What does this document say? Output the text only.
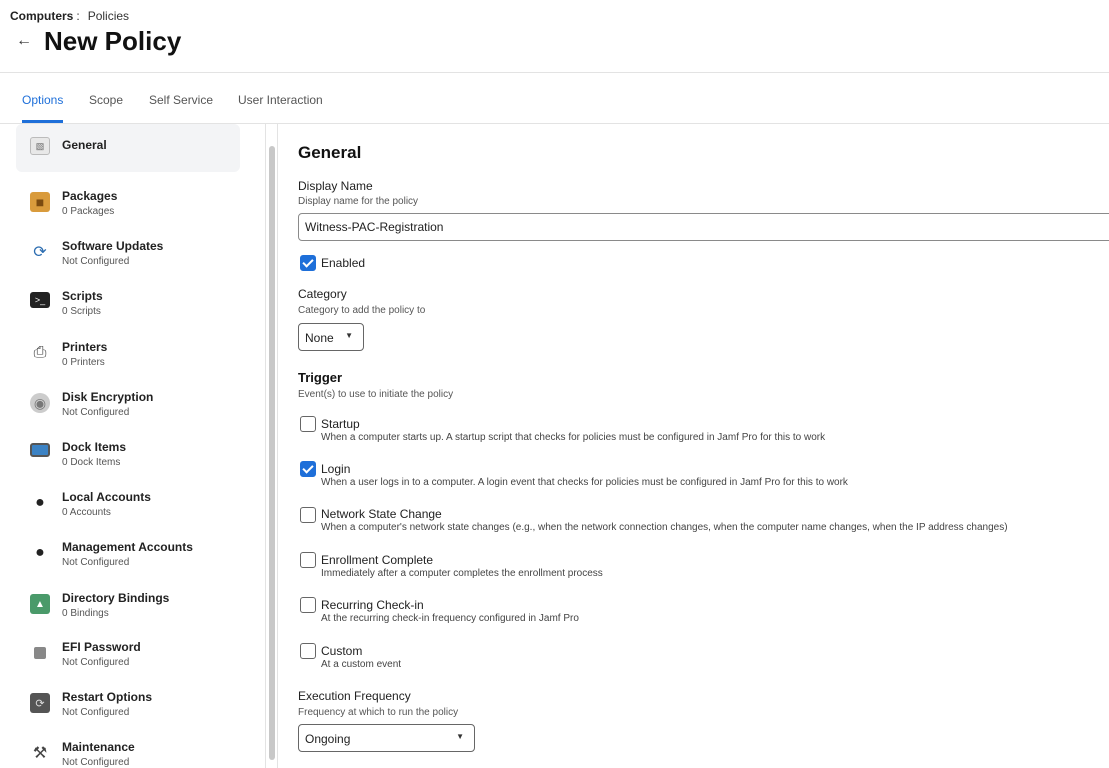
Computers : Policies
← New Policy
Options Scope Self Service User Interaction
▧	General
■	Packages
0 Packages
⟳ Software Updates
Not Configured
>_	Scripts
0 Scripts
⎙ Printers
0 Printers
◉	Disk Encryption
Not Configured
Dock Items
0 Dock Items
●	Local Accounts
0 Accounts
●	Management Accounts
Not Configured
▲	Directory Bindings
0 Bindings
EFI Password
Not Configured
⟳	Restart Options
Not Configured
⚒ Maintenance
Not Configured
General
Display Name
Display name for the policy
Witness-PAC-Registration
Enabled
Category
Category to add the policy to
None ▼
Trigger
Event(s) to use to initiate the policy
Startup
When a computer starts up. A startup script that checks for policies must be configured in Jamf Pro for this to work
Login
When a user logs in to a computer. A login event that checks for policies must be configured in Jamf Pro for this to work
Network State Change
When a computer's network state changes (e.g., when the network connection changes, when the computer name changes, when the IP address changes)
Enrollment Complete
Immediately after a computer completes the enrollment process
Recurring Check-in
At the recurring check-in frequency configured in Jamf Pro
Custom
At a custom event
Execution Frequency
Frequency at which to run the policy
Ongoing	▼
